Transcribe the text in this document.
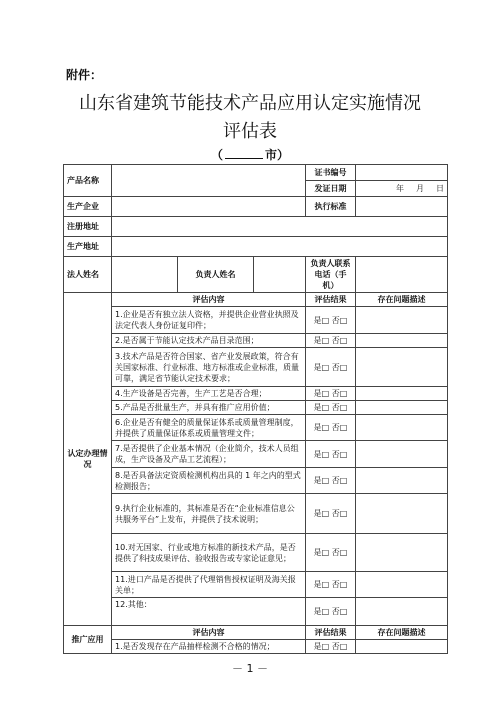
附件：
山东省建筑节能技术产品应用认定实施情况
评估表
（	市）
产品名称				证书编号	
				发证日期	年 月 日
生产企业				执行标准	
注册地址					
生产地址					
法人姓名		负责人姓名		负责人联系电话（手机）	
认定办理情况	评估内容			评估结果	存在问题描述
	1.企业是否有独立法人资格，并提供企业营业执照及法定代表人身份证复印件；			是□ 否□	
	2.是否属于节能认定技术产品目录范围；			是□ 否□	
	3.技术产品是否符合国家、省产业发展政策，符合有关国家标准、行业标准、地方标准或企业标准，质量可靠，满足省节能认定技术要求；			是□ 否□	
	4.生产设备是否完善，生产工艺是否合理；			是□ 否□	
	5.产品是否批量生产，并具有推广应用价值；			是□ 否□	
	6.企业是否有健全的质量保证体系或质量管理制度，并提供了质量保证体系或质量管理文件；			是□ 否□	
	7.是否提供了企业基本情况（企业简介，技术人员组成，生产设备及产品工艺流程）；			是□ 否□	
	8.是否具备法定资质检测机构出具的 1 年之内的型式检测报告；			是□ 否□	
	9.执行企业标准的，其标准是否在“企业标准信息公共服务平台”上发布，并提供了技术说明；			是□ 否□	
	10.对无国家、行业或地方标准的新技术产品，是否提供了科技成果评估、验收报告或专家论证意见；			是□ 否□	
	11.进口产品是否提供了代理销售授权证明及海关报关单；			是□ 否□	
	12.其他：			是□ 否□	
推广应用	评估内容			评估结果	存在问题描述
	1.是否发现存在产品抽样检测不合格的情况；			是□ 否□	
－ 1 －
